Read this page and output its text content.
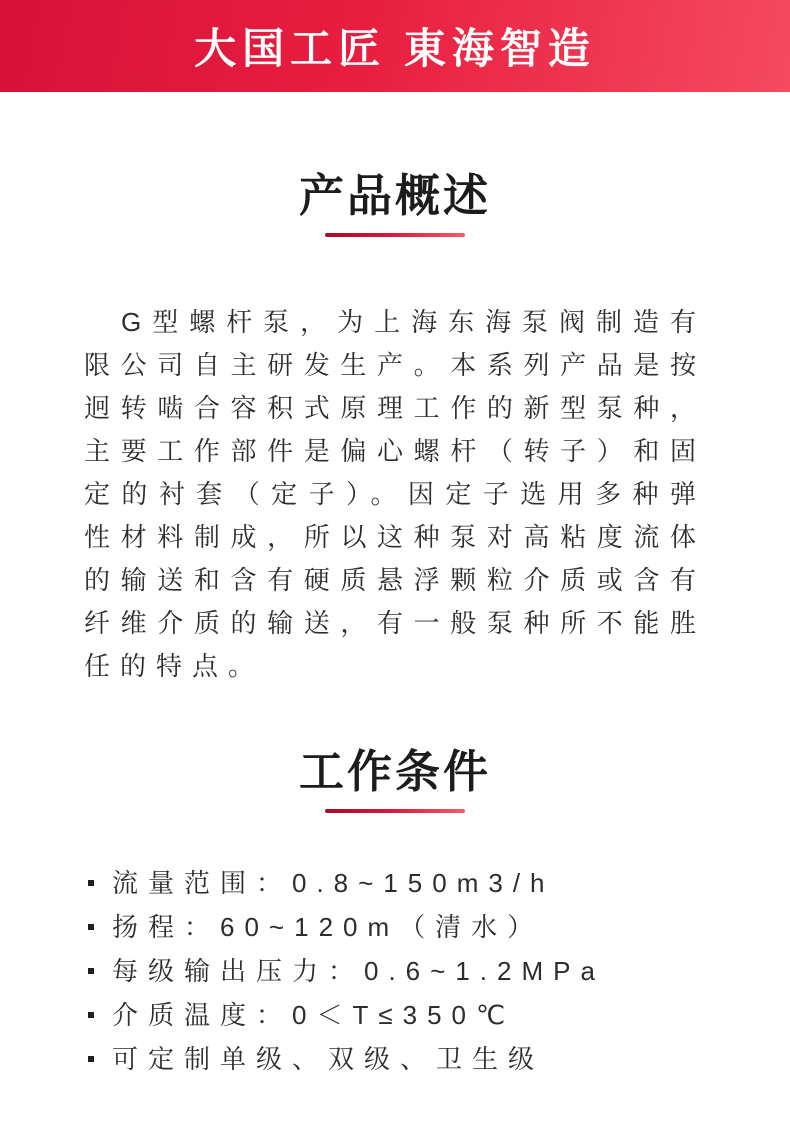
大国工匠 東海智造
产品概述

G型螺杆泵，为上海东海泵阀制造有限公司自主研发生产。本系列产品是按迥转啮合容积式原理工作的新型泵种，主要工作部件是偏心螺杆（转子）和固定的衬套（定子）。因定子选用多种弹性材料制成，所以这种泵对高粘度流体的输送和含有硬质悬浮颗粒介质或含有纤维介质的输送，有一般泵种所不能胜任的特点。

工作条件
流量范围：0.8~150m3/h
扬程：60~120m（清水）
每级输出压力：0.6~1.2MPa
介质温度：0＜T≤350℃
可定制单级、双级、卫生级
